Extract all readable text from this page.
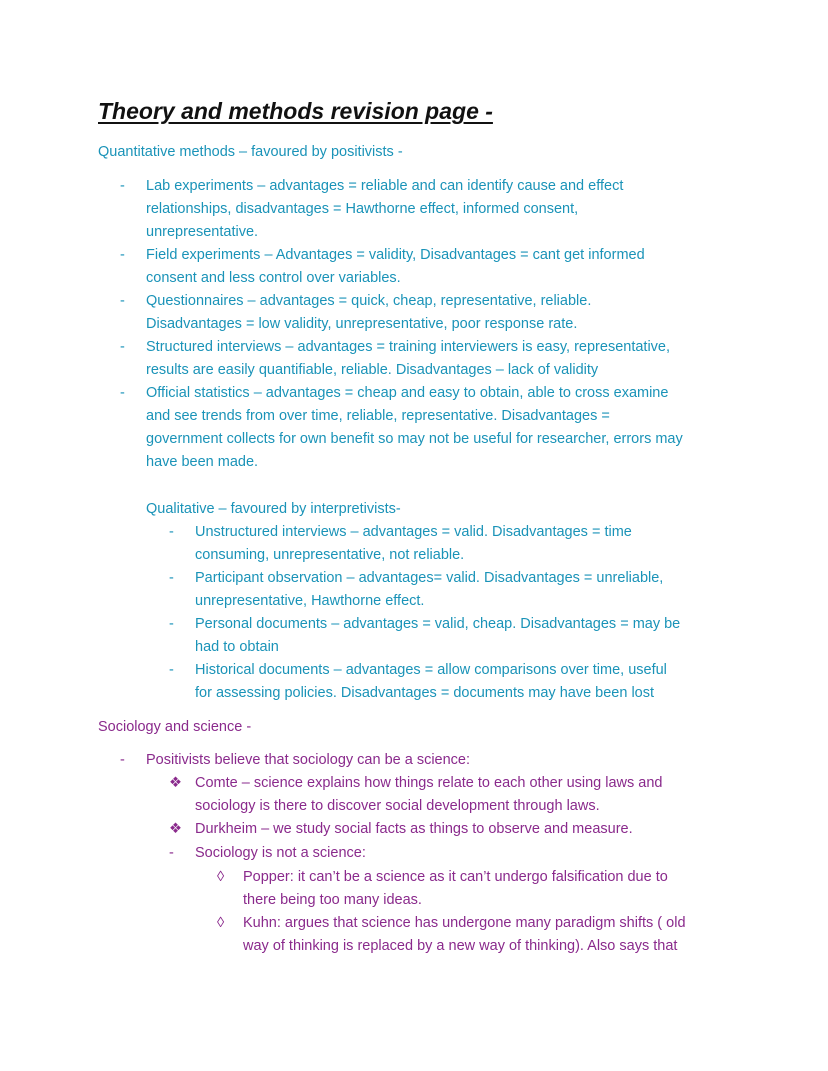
Theory and methods revision page -

Quantitative methods – favoured by positivists -

- Lab experiments – advantages = reliable and can identify cause and effect
relationships, disadvantages = Hawthorne effect, informed consent,
unrepresentative.
- Field experiments – Advantages = validity, Disadvantages = cant get informed
consent and less control over variables.
- Questionnaires – advantages = quick, cheap, representative, reliable.
Disadvantages = low validity, unrepresentative, poor response rate.
- Structured interviews – advantages = training interviewers is easy, representative,
results are easily quantifiable, reliable. Disadvantages – lack of validity
- Official statistics – advantages = cheap and easy to obtain, able to cross examine
and see trends from over time, reliable, representative. Disadvantages =
government collects for own benefit so may not be useful for researcher, errors may
have been made.

Qualitative – favoured by interpretivists-

- Unstructured interviews – advantages = valid. Disadvantages = time
consuming, unrepresentative, not reliable.
- Participant observation – advantages= valid. Disadvantages = unreliable,
unrepresentative, Hawthorne effect.
- Personal documents – advantages = valid, cheap. Disadvantages = may be
had to obtain
- Historical documents – advantages = allow comparisons over time, useful
for assessing policies. Disadvantages = documents may have been lost

Sociology and science -

- Positivists believe that sociology can be a science:
❖ Comte – science explains how things relate to each other using laws and
sociology is there to discover social development through laws.
❖ Durkheim – we study social facts as things to observe and measure.
- Sociology is not a science:
◊ Popper: it can’t be a science as it can’t undergo falsification due to
there being too many ideas.
◊ Kuhn: argues that science has undergone many paradigm shifts ( old
way of thinking is replaced by a new way of thinking). Also says that
